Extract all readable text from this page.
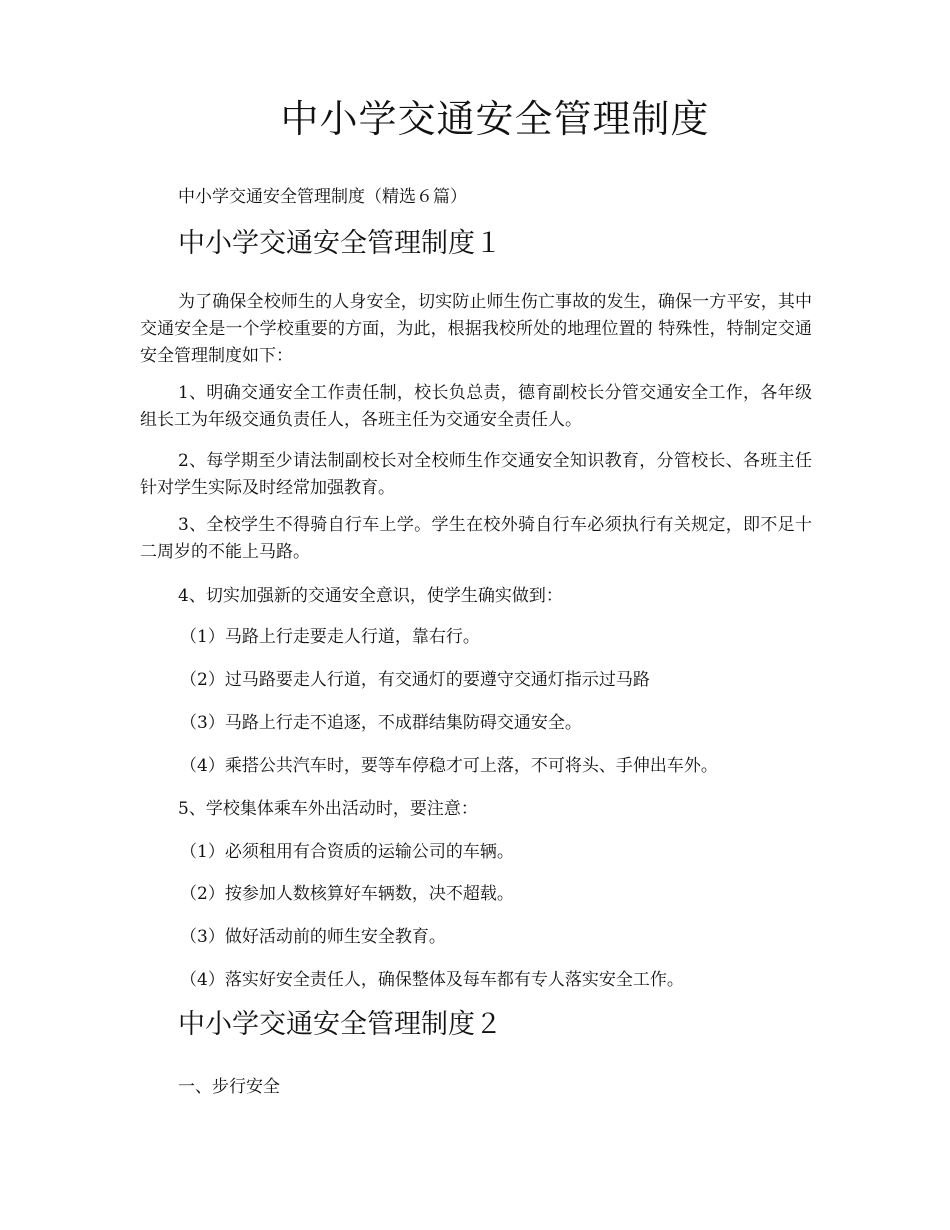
中小学交通安全管理制度
中小学交通安全管理制度（精选６篇）
中小学交通安全管理制度１
为了确保全校师生的人身安全，切实防止师生伤亡事故的发生，确保一方平安，其中交通安全是一个学校重要的方面，为此，根据我校所处的地理位置的 特殊性，特制定交通安全管理制度如下：
1、明确交通安全工作责任制，校长负总责，德育副校长分管交通安全工作，各年级组长工为年级交通负责任人，各班主任为交通安全责任人。
2、每学期至少请法制副校长对全校师生作交通安全知识教育，分管校长、各班主任针对学生实际及时经常加强教育。
3、全校学生不得骑自行车上学。学生在校外骑自行车必须执行有关规定，即不足十二周岁的不能上马路。
4、切实加强新的交通安全意识，使学生确实做到：
（1）马路上行走要走人行道，靠右行。
（2）过马路要走人行道，有交通灯的要遵守交通灯指示过马路
（3）马路上行走不追逐，不成群结集防碍交通安全。
（4）乘搭公共汽车时，要等车停稳才可上落，不可将头、手伸出车外。
5、学校集体乘车外出活动时，要注意：
（1）必须租用有合资质的运输公司的车辆。
（2）按参加人数核算好车辆数，决不超载。
（3）做好活动前的师生安全教育。
（4）落实好安全责任人，确保整体及每车都有专人落实安全工作。
中小学交通安全管理制度２
一、步行安全
